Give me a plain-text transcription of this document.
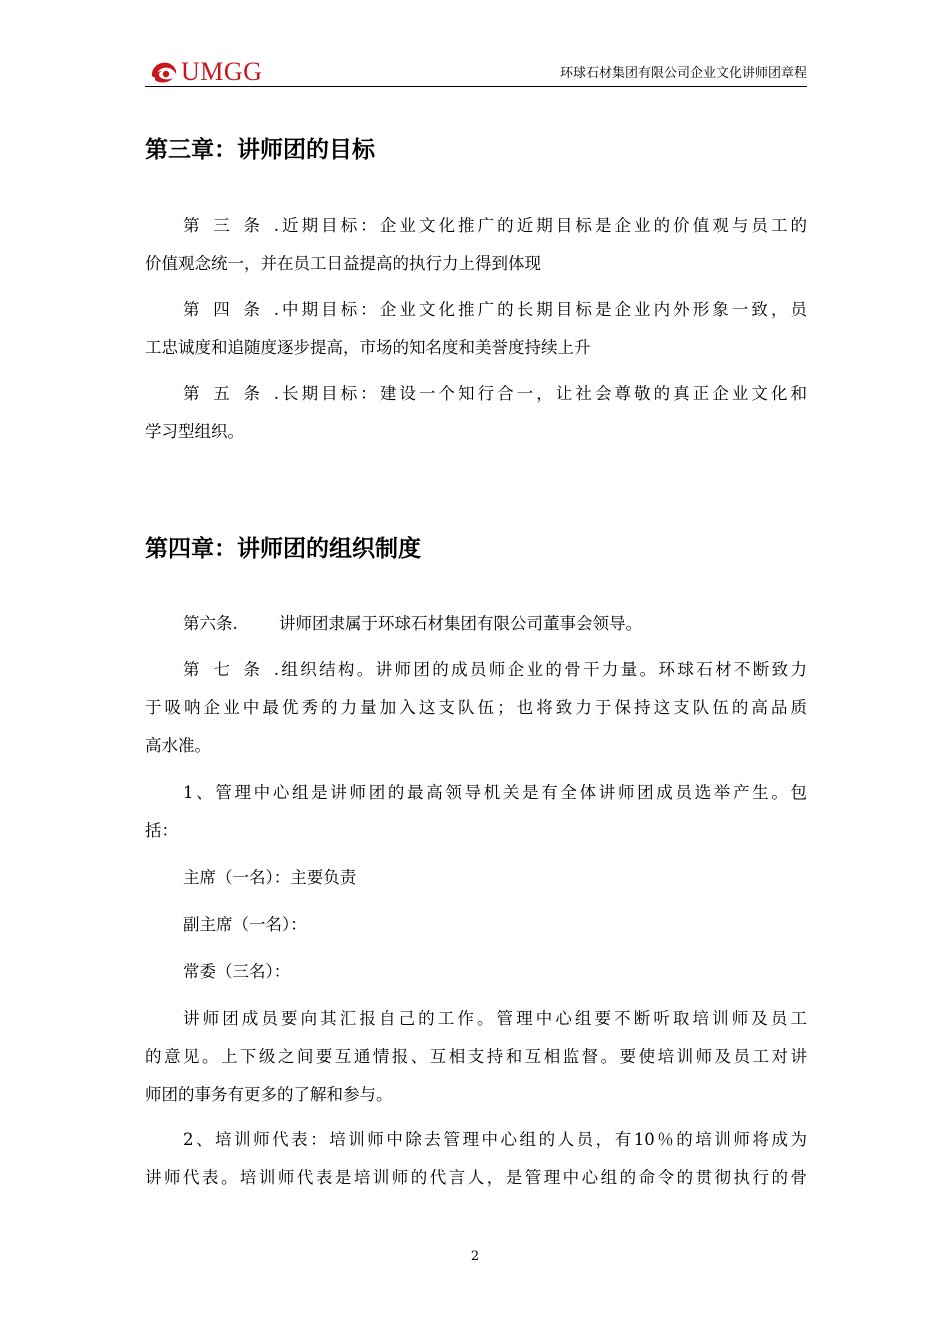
UMGG	环球石材集团有限公司企业文化讲师团章程
第三章：讲师团的目标
第三条.近期目标：企业文化推广的近期目标是企业的价值观与员工的
价值观念统一，并在员工日益提高的执行力上得到体现
第四条.中期目标：企业文化推广的长期目标是企业内外形象一致，员
工忠诚度和追随度逐步提高，市场的知名度和美誉度持续上升
第五条.长期目标：建设一个知行合一，让社会尊敬的真正企业文化和
学习型组织。
第四章：讲师团的组织制度
第六条.	讲师团隶属于环球石材集团有限公司董事会领导。
第七条.组织结构。讲师团的成员师企业的骨干力量。环球石材不断致力
于吸呐企业中最优秀的力量加入这支队伍；也将致力于保持这支队伍的高品质
高水准。
1、管理中心组是讲师团的最高领导机关是有全体讲师团成员选举产生。包
括：
主席（一名）：主要负责
副主席（一名）：
常委（三名）：
讲师团成员要向其汇报自己的工作。管理中心组要不断听取培训师及员工
的意见。上下级之间要互通情报、互相支持和互相监督。要使培训师及员工对讲
师团的事务有更多的了解和参与。
2、培训师代表：培训师中除去管理中心组的人员，有10％的培训师将成为
讲师代表。培训师代表是培训师的代言人，是管理中心组的命令的贯彻执行的骨
2
